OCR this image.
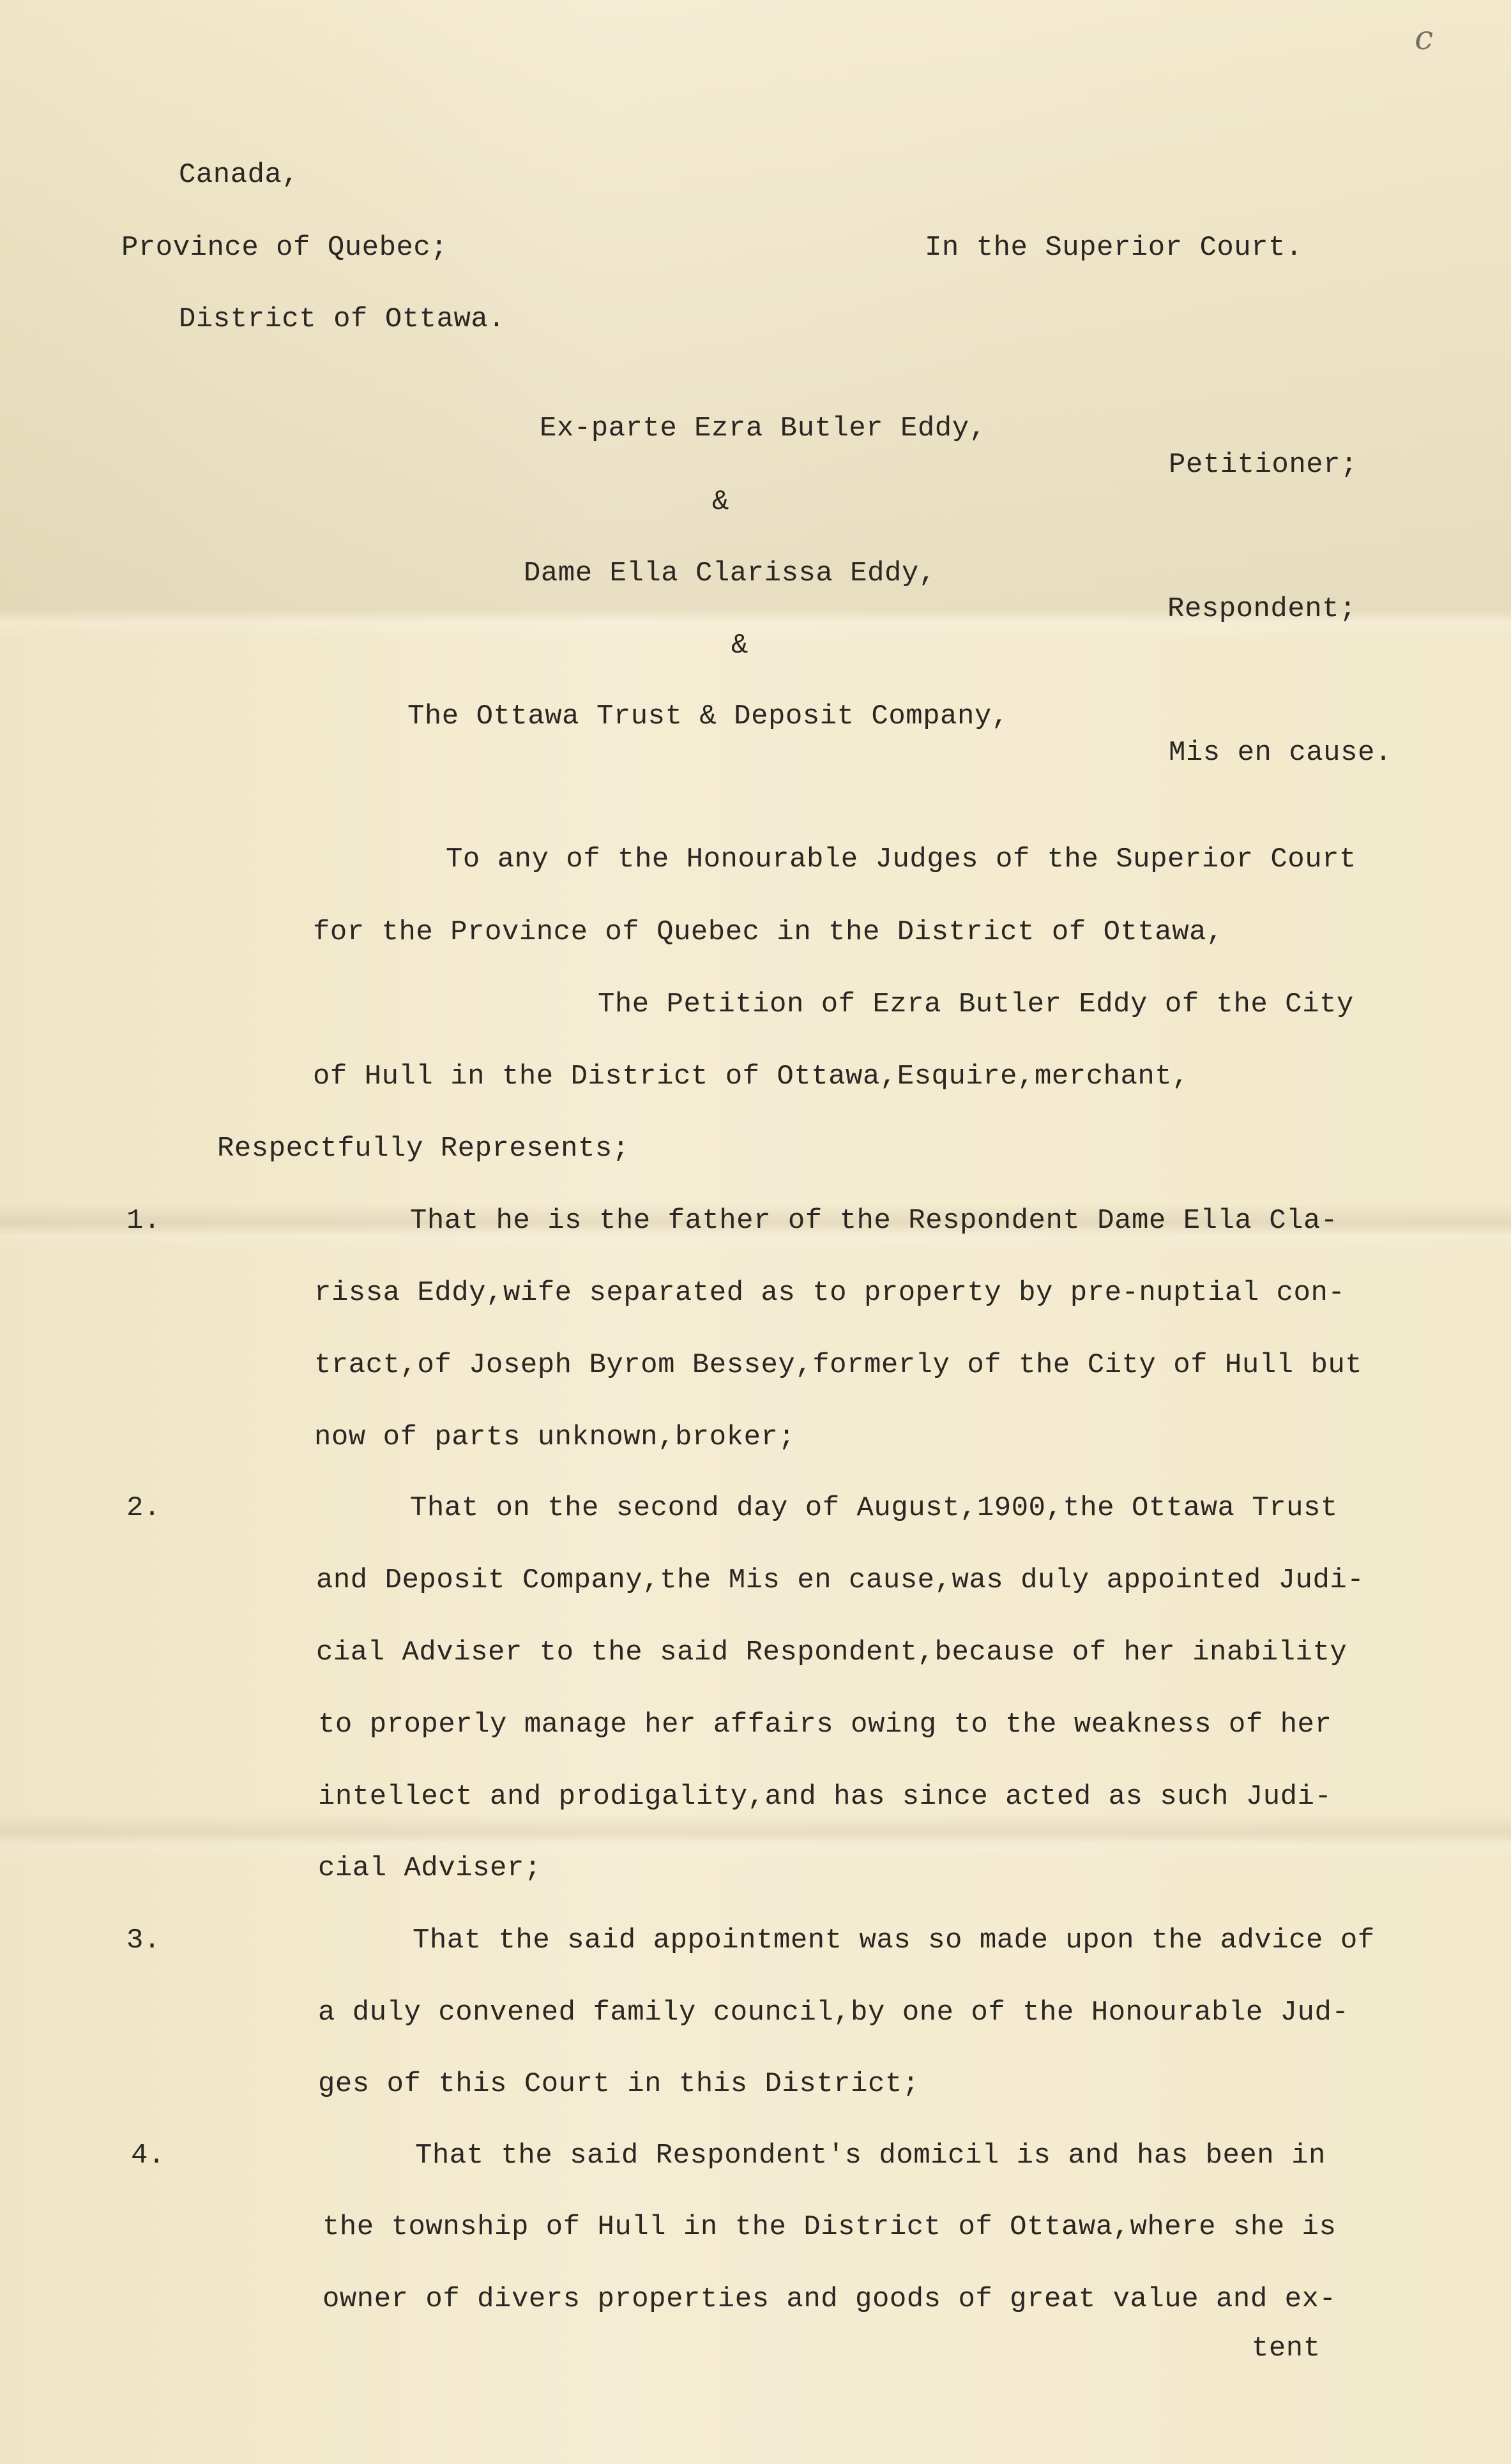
c
Canada,
Province of Quebec;	In the Superior Court.
District of Ottawa.
Ex-parte Ezra Butler Eddy,
Petitioner;
&
Dame Ella Clarissa Eddy,
Respondent;
&
The Ottawa Trust & Deposit Company,
Mis en cause.
To any of the Honourable Judges of the Superior Court
for the Province of Quebec in the District of Ottawa,
The Petition of Ezra Butler Eddy of the City
of Hull in the District of Ottawa,Esquire,merchant,
Respectfully Represents;
1.	That he is the father of the Respondent Dame Ella Cla-
rissa Eddy,wife separated as to property by pre-nuptial con-
tract,of Joseph Byrom Bessey,formerly of the City of Hull but
now of parts unknown,broker;
2.	That on the second day of August,1900,the Ottawa Trust
and Deposit Company,the Mis en cause,was duly appointed Judi-
cial Adviser to the said Respondent,because of her inability
to properly manage her affairs owing to the weakness of her
intellect and prodigality,and has since acted as such Judi-
cial Adviser;
3.	That the said appointment was so made upon the advice of
a duly convened family council,by one of the Honourable Jud-
ges of this Court in this District;
4.	That the said Respondent's domicil is and has been in
the township of Hull in the District of Ottawa,where she is
owner of divers properties and goods of great value and ex-
tent
